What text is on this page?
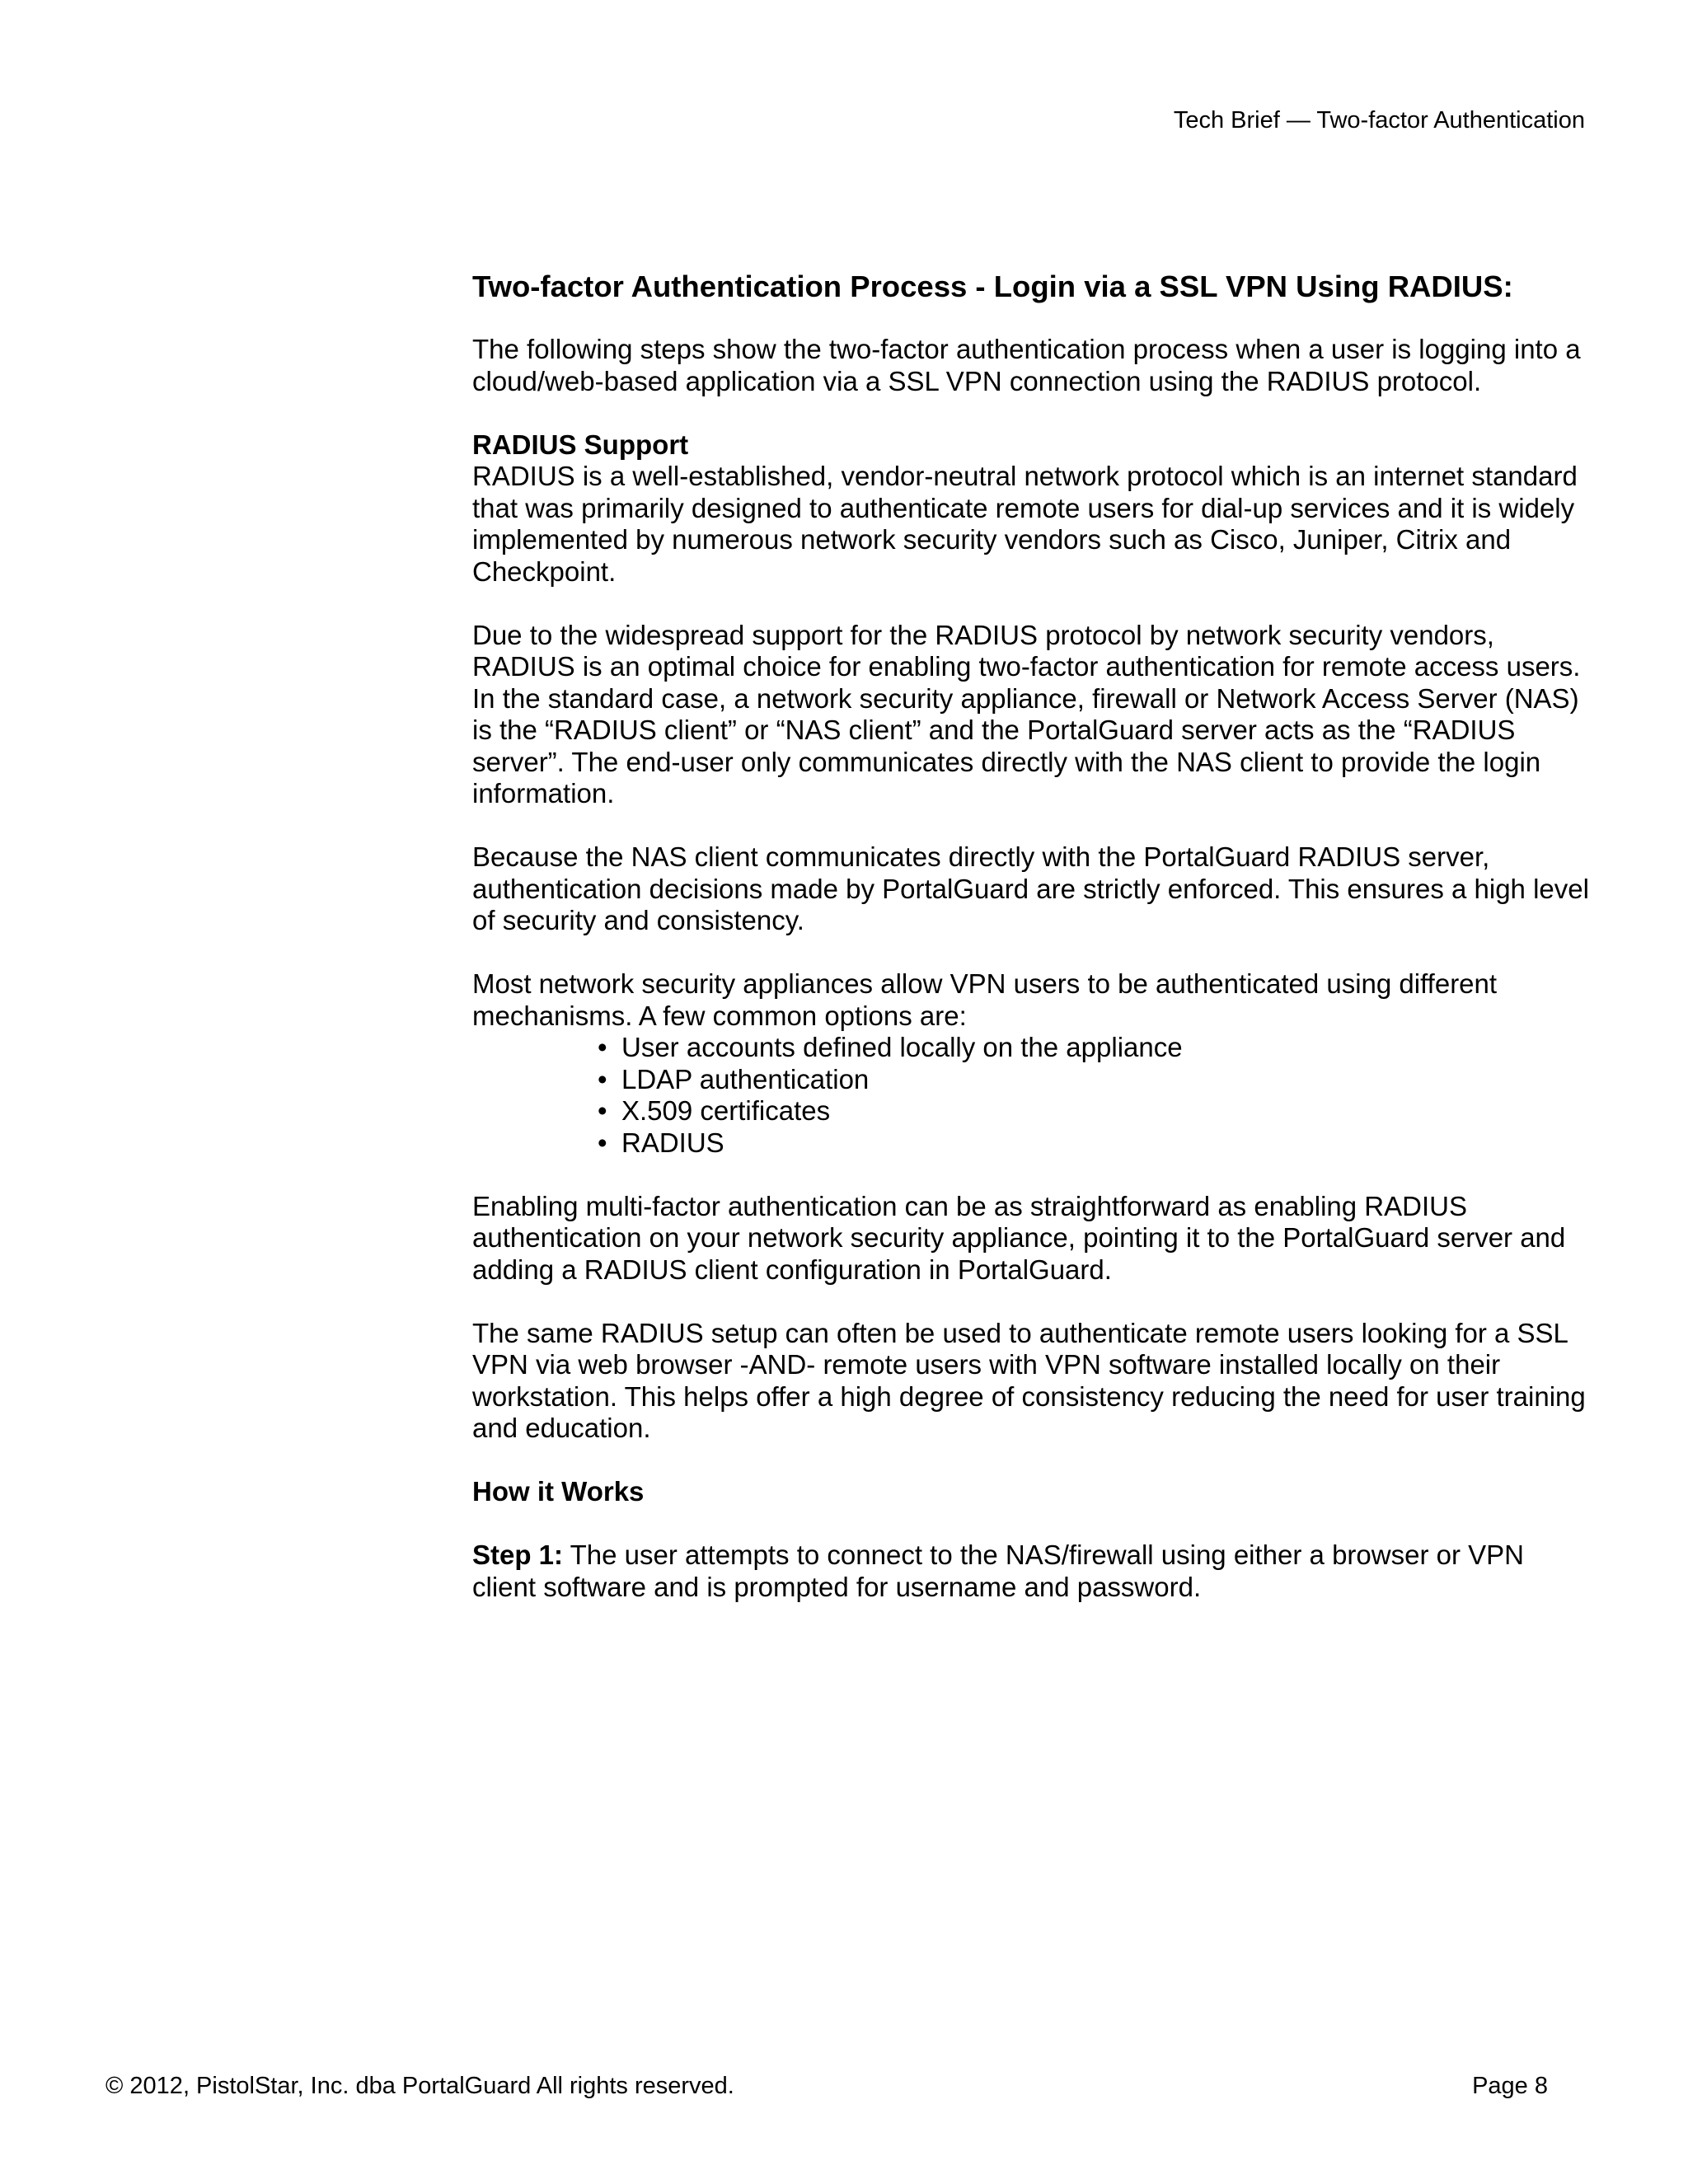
Tech Brief — Two-factor Authentication
Two-factor Authentication Process - Login via a SSL VPN Using RADIUS:

The following steps show the two-factor authentication process when a user is logging into a cloud/web-based application via a SSL VPN connection using the RADIUS protocol.

RADIUS Support

RADIUS is a well-established, vendor-neutral network protocol which is an internet standard that was primarily designed to authenticate remote users for dial-up services and it is widely implemented by numerous network security vendors such as Cisco, Juniper, Citrix and Checkpoint.

Due to the widespread support for the RADIUS protocol by network security vendors, RADIUS is an optimal choice for enabling two-factor authentication for remote access users. In the standard case, a network security appliance, firewall or Network Access Server (NAS) is the “RADIUS client” or “NAS client” and the PortalGuard server acts as the “RADIUS server”. The end-user only communicates directly with the NAS client to provide the login information.

Because the NAS client communicates directly with the PortalGuard RADIUS server, authentication decisions made by PortalGuard are strictly enforced. This ensures a high level of security and consistency.

Most network security appliances allow VPN users to be authenticated using different mechanisms. A few common options are:

• User accounts defined locally on the appliance
• LDAP authentication
• X.509 certificates
• RADIUS

Enabling multi-factor authentication can be as straightforward as enabling RADIUS authentication on your network security appliance, pointing it to the PortalGuard server and adding a RADIUS client configuration in PortalGuard.

The same RADIUS setup can often be used to authenticate remote users looking for a SSL VPN via web browser -AND- remote users with VPN software installed locally on their workstation. This helps offer a high degree of consistency reducing the need for user training and education.

How it Works

Step 1: The user attempts to connect to the NAS/firewall using either a browser or VPN client software and is prompted for username and password.

© 2012, PistolStar, Inc. dba PortalGuard All rights reserved.	Page 8
